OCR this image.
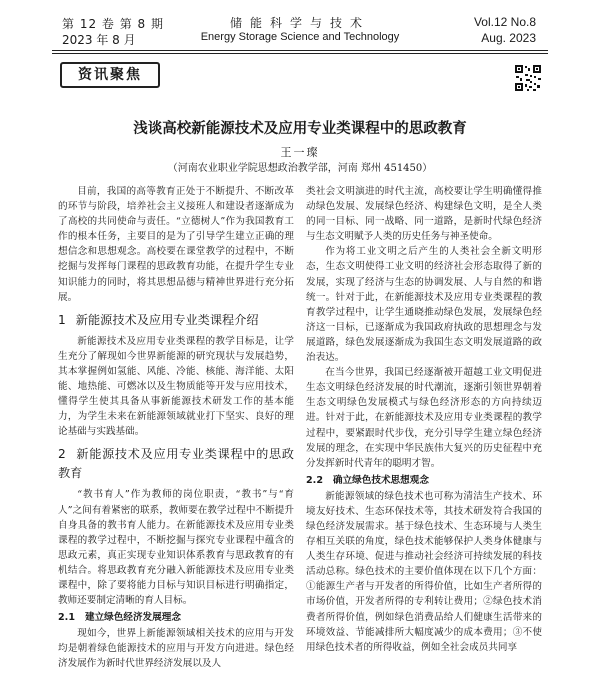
第 12 卷 第 8 期
2023 年 8 月
储能科学与技术
Energy Storage Science and Technology
Vol.12 No.8
Aug. 2023
资讯聚焦
浅谈高校新能源技术及应用专业类课程中的思政教育
王一璨
（河南农业职业学院思想政治教学部，河南 郑州 451450）

目前，我国的高等教育正处于不断提升、不断改革的环节与阶段，培养社会主义接班人和建设者逐渐成为了高校的共同使命与责任。“立德树人”作为我国教育工作的根本任务，主要目的是为了引导学生建立正确的理想信念和思想观念。高校要在课堂教学的过程中，不断挖掘与发挥每门课程的思政教育功能，在提升学生专业知识能力的同时，将其思想品德与精神世界进行充分拓展。

1 新能源技术及应用专业类课程介绍

新能源技术及应用专业类课程的教学目标是，让学生充分了解现如今世界新能源的研究现状与发展趋势，其本掌握例如氢能、风能、冷能、核能、海洋能、太阳能、地热能、可燃冰以及生物质能等开发与应用技术，懂得学生使其具备从事新能源技术研发工作的基本能力，为学生未来在新能源领域就业打下坚实、良好的理论基础与实践基础。

2 新能源技术及应用专业类课程中的思政教育

“教书育人”作为教师的岗位职责，“教书”与“育人”之间有着紧密的联系，教师要在教学过程中不断提升自身具备的教书育人能力。在新能源技术及应用专业类课程的教学过程中，不断挖掘与探究专业课程中蕴含的思政元素，真正实现专业知识体系教育与思政教育的有机结合。将思政教育充分融入新能源技术及应用专业类课程中，除了要将能力目标与知识目标进行明确指定，教师还要制定清晰的育人目标。

2.1 建立绿色经济发展理念

现如今，世界上新能源领域相关技术的应用与开发均是朝着绿色能源技术的应用与开发方向进进。绿色经济发展作为新时代世界经济发展以及人

类社会文明演进的时代主流，高校要让学生明确懂得推动绿色发展、发展绿色经济、构建绿色文明，是全人类的同一目标、同一战略、同一道路，是新时代绿色经济与生态文明赋予人类的历史任务与神圣使命。

作为将工业文明之后产生的人类社会全新文明形态，生态文明使得工业文明的经济社会形态取得了新的发展，实现了经济与生态的协调发展、人与自然的和谐统一。针对于此，在新能源技术及应用专业类课程的教育教学过程中，让学生通晓推动绿色发展，发展绿色经济这一目标，已逐渐成为我国政府执政的思想理念与发展道路，绿色发展逐渐成为我国生态文明发展道路的政治表达。

在当今世界，我国已经逐渐被开超越工业文明促进生态文明绿色经济发展的时代潮流，逐渐引领世界朝着生态文明绿色发展模式与绿色经济形态的方向持续迈进。针对于此，在新能源技术及应用专业类课程的教学过程中，要紧跟时代步伐，充分引导学生建立绿色经济发展的理念，在实现中华民族伟大复兴的历史征程中充分发挥新时代青年的聪明才智。

2.2 确立绿色技术思想观念

新能源领域的绿色技术也可称为清洁生产技术、环境友好技术、生态环保技术等，其技术研发符合我国的绿色经济发展需求。基于绿色技术、生态环境与人类生存相互关联的角度，绿色技术能够保护人类身体健康与人类生存环境、促进与推动社会经济可持续发展的科技活动总称。绿色技术的主要价值体现在以下几个方面：①能源生产者与开发者的所得价值，比如生产者所得的市场价值，开发者所得的专利转让费用；②绿色技术消费者所得价值，例如绿色消费品给人们健康生活带来的环境效益、节能减排所大幅度减少的成本费用；③不使用绿色技术者的所得收益，例如全社会成员共同享
